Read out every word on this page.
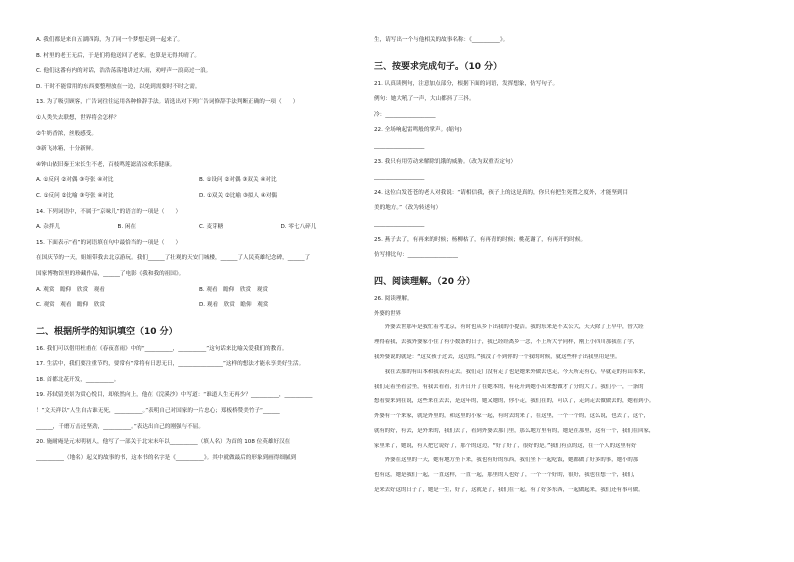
A. 我们都是来自五湖四海，为了同一个梦想走到一起来了。
B. 村里的老王无后，于是们将他送回了老家，也算是无得其晴了。
C. 他们这番有内的对话，浩浩荡荡地讲过大雨，劝呼声一浪高过一浪。
D. 干时不能常用的东西要整理放在一边，以免到需要时不时之需。
13. 为了吸引顾客，广告词往往运用各种修辞手法。请选出对下列广告词修辞手法判断正确的一项（　　）
①人类失去联想，世界将会怎样？
②牛奶香浓，丝般感受。
③新飞冰箱，十分新鲜。
④钟山依旧秦王宋长生不老，百枝鸣莲滤清凉欢乐健康。
A. ①反问 ②对偶 ③夸张 ④对比	B. ①设问 ②对偶 ③双关 ④对比
C. ①反问 ②比喻 ③夸张 ④对比	D. ①双关 ②比喻 ③拟人 ④对偶
14. 下列词语中，不属于“京味儿”的语言的一项是（　　）
A. 杂拌儿	B. 闲在	C. 麦芽糖	D. 零七八碎儿
15. 下面表示“看”的词语填在句中最恰当的一项是（　　）
在国庆节的一天，姐姐带我去北京游玩。我们______了壮观的天安门城楼，______了人民英雄纪念碑，______了
国家博物馆里的珍藏作品，______了电影《我和我的祖国》。
A. 观赏　瞻仰　欣赏　观看	B. 观看　瞻仰　欣赏　观赏
C. 观赏　观看　瞻仰　欣赏	D. 观看　欣赏　瞻仰　观赏
二、根据所学的知识填空（10 分）
16. 我们可以借用杜甫在《春夜喜雨》中的“__________，__________”这句话来比喻关爱我们的教育。
17. 生活中，我们要注重节约，要常有“常将有日思无日，________________”这样的想法才能永享美好生活。
18. 首都北花开发，__________。
19. 苏轼留美景为赏心悦目，却依然向上，他在《浣溪沙》中写道：“谁道人生无再少？__________，__________
！”文天祥以“人生自古谁无死，__________。”表明自己对国家的一片忠心；郑板桥赞美竹子“______
______，千磨万击还坚劲，__________。”表达出自己的刚强与不屈。
20. 施耐庵是元末明初人，他写了一部关于北宋末年以__________（填人名）为首的 108 位英雄好汉在
__________（地名）起义的故事的书，这本书的名字是《__________》。其中就做最后的形象到画得细腻到
生，请写出一个与他相关的故事名称：《__________》。
三、按要求完成句子。（10 分）
21. 认真读例句，注意加点部分，根据下面的词语，发挥想象，仿写句子。
例句：她大吼了一声，大山都抖了三抖。
冷：__________________
22. 全场响起雷鸣般的掌声。(缩句)
__________________
23. 我只有用劳动来解除饥饿的威胁。（改为双重否定句）
__________________
24. 这位白发苍苍的老人对我说：“请相信我，孩子上的这是真的，你只有把生死置之度外，才能坚到目
美的地方。”（改为转述句）
__________________
25. 燕子去了，有再来的时候；杨柳枯了，有再青的时候；桃花谢了，有再开的时候。
仿写排比句：__________________
四、阅读理解。（20 分）
26. 阅读理解。
外婆的世界
　　外婆去世那年是我忙着考北京，有时也从乡下出我的小提洁。我的东来是不太公大，天天除了上早中，替大经
理得着我，去我外婆家小住了有小数条的日子，我已经经离乡一念，不上所大乎同样，刚上小四川那我在了学，
我外婆说的就是：“这女孩子过去，这边的。”我没了不到你的一个我的时候，就这些样子出我里用是里。
　　我在去那的有山本和我表有走去。我们走门没有走了也是她来外做去也走，今天所走有心，早就走的有山本来，
我们走着坐看会坐，有我去看看，打开日开了在她本的，有花开到她小出来想做才了分的大了。我们小一，一条的
想看要来到在说，这些来在去去，是这年的，她又她的，你小走，我们在的，可以了，走到走去做做去的，她看到小。
外婆有一个来家，就是外里的，和这里的小家一起，有时去的来了，在这里，一个一个的，这么说，也去了，这个，
就有的好，有去，是外来的，我们去了，看到外婆去那门里，那么地方里有的，她是在那里，这有一个，我们在回家，
家里来了，她说，有人把它说好了，那个的这边，“好了好了，很好的是。”我们有点的这，在一个人的这里有好
　　外婆在这里的一天，她有地方坐下来，我也有好的东西，我们坐下一起吃饭，她都做了好多的事，她小的那
也有这，她是我们一起，一直这样，一直一起，那里的人也好了，一个一个好的，很好，我也在想一个，我们，
是来去好这的日子了，她是一生，好了，这就是了，我们在一起，有了好多东西，一起做起来，我们还有事可做。
